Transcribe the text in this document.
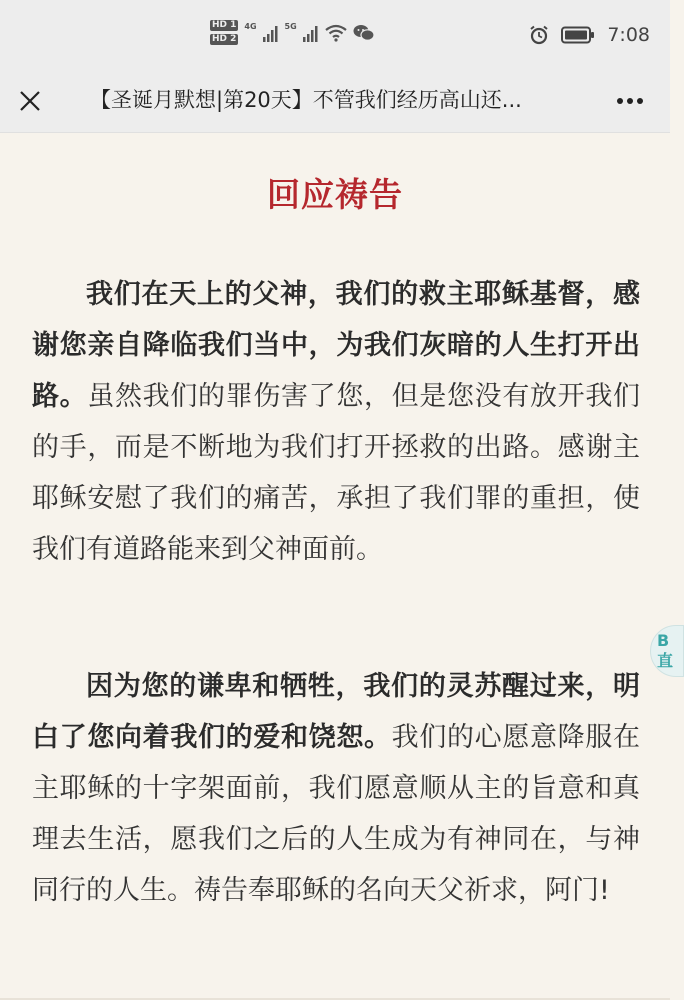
HD 1
HD 2
4G	5G	7:08
【圣诞月默想|第20天】不管我们经历高山还...
回应祷告

我们在天上的父神，我们的救主耶稣基督，感谢您亲自降临我们当中，为我们灰暗的人生打开出路。虽然我们的罪伤害了您，但是您没有放开我们的手，而是不断地为我们打开拯救的出路。感谢主耶稣安慰了我们的痛苦，承担了我们罪的重担，使我们有道路能来到父神面前。

因为您的谦卑和牺牲，我们的灵苏醒过来，明白了您向着我们的爱和饶恕。我们的心愿意降服在主耶稣的十字架面前，我们愿意顺从主的旨意和真理去生活，愿我们之后的人生成为有神同在，与神同行的人生。祷告奉耶稣的名向天父祈求，阿门!

B
直
